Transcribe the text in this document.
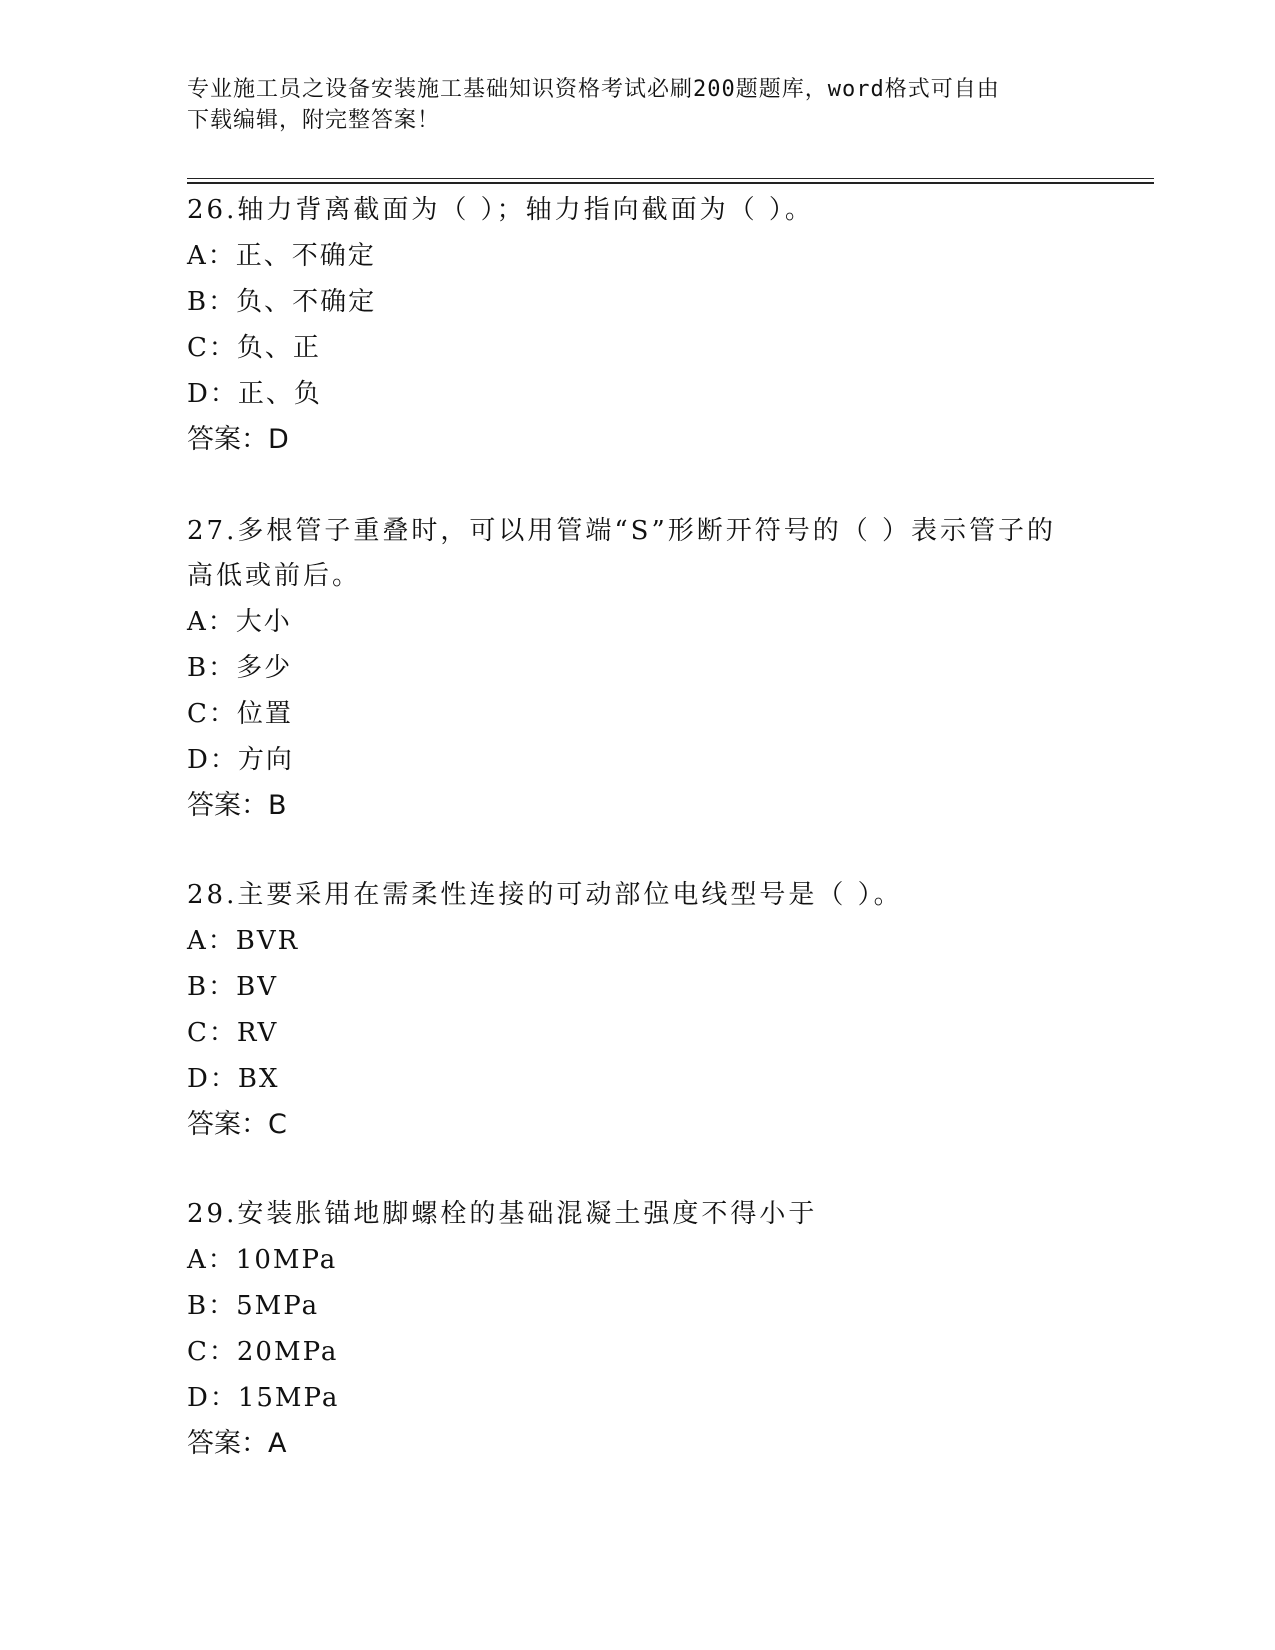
专业施工员之设备安装施工基础知识资格考试必刷200题题库，word格式可自由
下载编辑，附完整答案！

26.轴力背离截面为（ ）；轴力指向截面为（ ）。

A：正、不确定

B：负、不确定

C：负、正

D：正、负

答案：D

27.多根管子重叠时，可以用管端“S”形断开符号的（ ）表示管子的

高低或前后。

A：大小

B：多少

C：位置

D：方向

答案：B

28.主要采用在需柔性连接的可动部位电线型号是（ ）。

A：BVR

B：BV

C：RV

D：BX

答案：C

29.安装胀锚地脚螺栓的基础混凝土强度不得小于

A：10MPa

B：5MPa

C：20MPa

D：15MPa

答案：A
